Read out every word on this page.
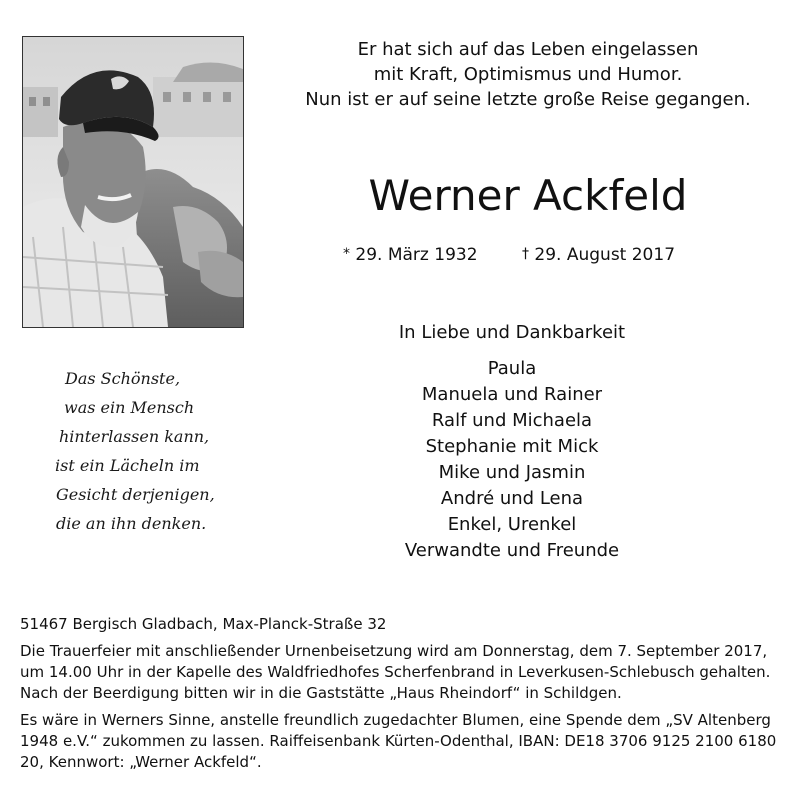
Das Schönste,
was ein Mensch
hinterlassen kann,
ist ein Lächeln im
Gesicht derjenigen,
die an ihn denken.
Er hat sich auf das Leben eingelassen
mit Kraft, Optimismus und Humor.
Nun ist er auf seine letzte große Reise gegangen.
Werner Ackfeld
* 29. März 1932	† 29. August 2017
In Liebe und Dankbarkeit
Paula
Manuela und Rainer
Ralf und Michaela
Stephanie mit Mick
Mike und Jasmin
André und Lena
Enkel, Urenkel
Verwandte und Freunde

51467 Bergisch Gladbach, Max-Planck-Straße 32

Die Trauerfeier mit anschließender Urnenbeisetzung wird am Donnerstag, dem 7. September 2017, um 14.00 Uhr in der Kapelle des Waldfriedhofes Scherfenbrand in Leverkusen-Schlebusch gehalten. Nach der Beerdigung bitten wir in die Gaststätte „Haus Rheindorf“ in Schildgen.

Es wäre in Werners Sinne, anstelle freundlich zugedachter Blumen, eine Spende dem „SV Altenberg 1948 e.V.“ zukommen zu lassen. Raiffeisenbank Kürten-Odenthal, IBAN: DE18 3706 9125 2100 6180 20, Kennwort: „Werner Ackfeld“.
